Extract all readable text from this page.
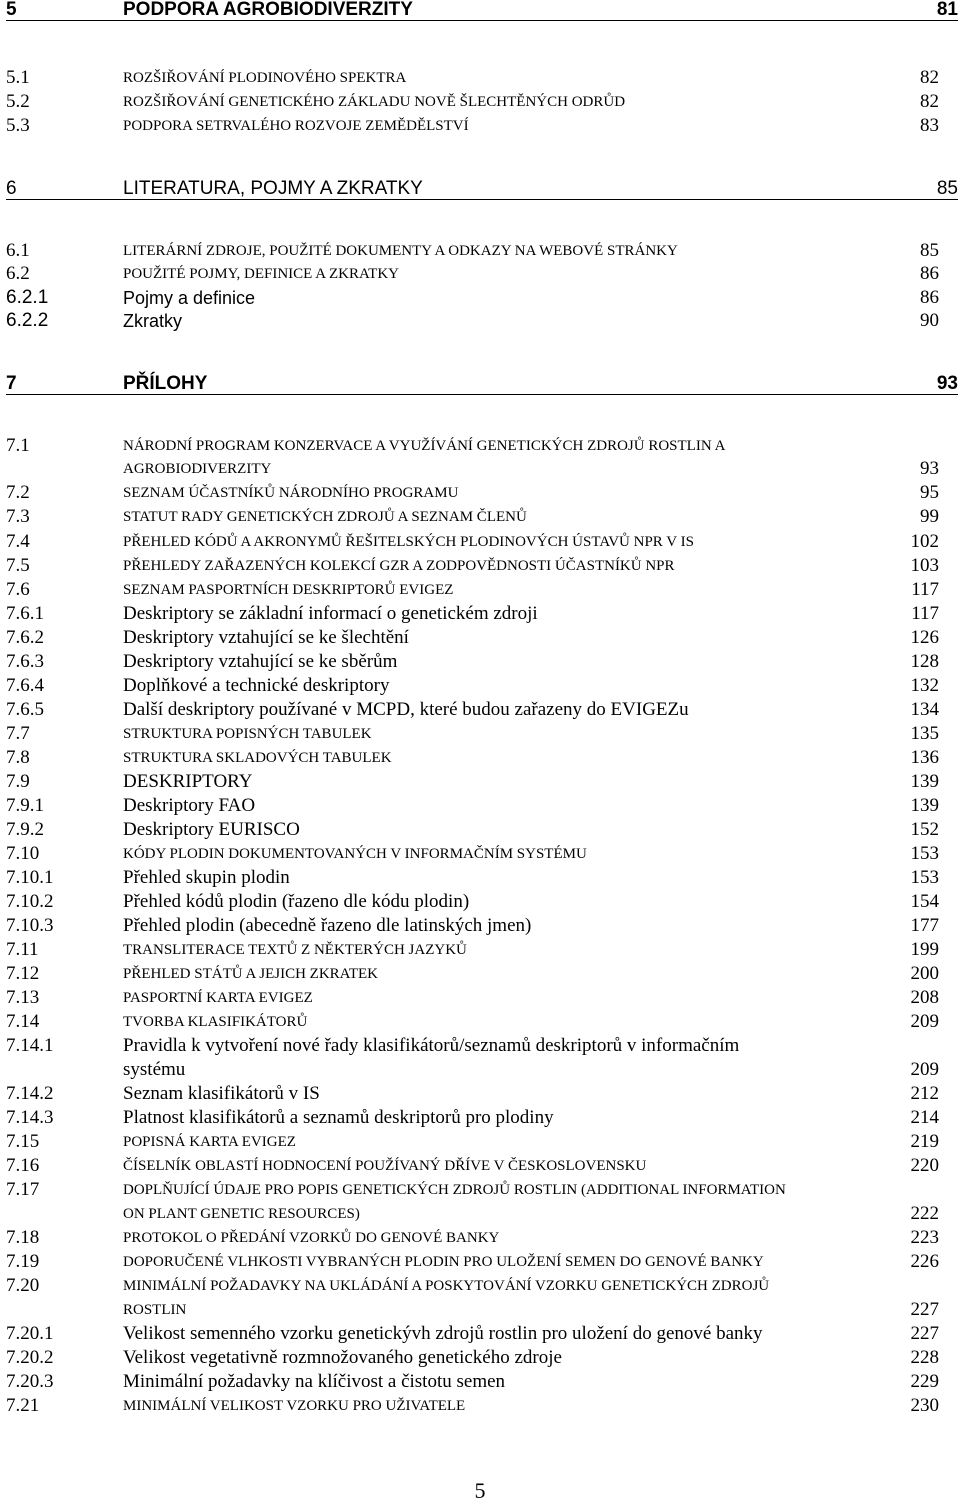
5	PODPORA AGROBIODIVERZITY	81
5.1	ROZŠIŘOVÁNÍ PLODINOVÉHO SPEKTRA	82
5.2	ROZŠIŘOVÁNÍ GENETICKÉHO ZÁKLADU NOVĚ ŠLECHTĚNÝCH ODRŮD	82
5.3	PODPORA SETRVALÉHO ROZVOJE ZEMĚDĚLSTVÍ	83
6	LITERATURA, POJMY A ZKRATKY	85
6.1	LITERÁRNÍ ZDROJE, POUŽITÉ DOKUMENTY A ODKAZY NA WEBOVÉ STRÁNKY	85
6.2	POUŽITÉ POJMY, DEFINICE A ZKRATKY	86
6.2.1	Pojmy a definice	86
6.2.2	Zkratky	90
7	PŘÍLOHY	93
7.1	NÁRODNÍ PROGRAM KONZERVACE A VYUŽÍVÁNÍ GENETICKÝCH ZDROJŮ ROSTLIN A
AGROBIODIVERZITY	93
7.2	SEZNAM ÚČASTNÍKŮ NÁRODNÍHO PROGRAMU	95
7.3	STATUT RADY GENETICKÝCH ZDROJŮ A SEZNAM ČLENŮ	99
7.4	PŘEHLED KÓDŮ A AKRONYMŮ ŘEŠITELSKÝCH PLODINOVÝCH ÚSTAVŮ NPR V IS	102
7.5	PŘEHLEDY ZAŘAZENÝCH KOLEKCÍ GZR A ZODPOVĚDNOSTI ÚČASTNÍKŮ NPR	103
7.6	SEZNAM PASPORTNÍCH DESKRIPTORŮ EVIGEZ	117
7.6.1	Deskriptory se základní informací o genetickém zdroji	117
7.6.2	Deskriptory vztahující se ke šlechtění	126
7.6.3	Deskriptory vztahující se ke sběrům	128
7.6.4	Doplňkové a technické deskriptory	132
7.6.5	Další deskriptory používané v MCPD, které budou zařazeny do EVIGEZu	134
7.7	STRUKTURA POPISNÝCH TABULEK	135
7.8	STRUKTURA SKLADOVÝCH TABULEK	136
7.9	DESKRIPTORY	139
7.9.1	Deskriptory FAO	139
7.9.2	Deskriptory EURISCO	152
7.10	KÓDY PLODIN DOKUMENTOVANÝCH V INFORMAČNÍM SYSTÉMU	153
7.10.1	Přehled skupin plodin	153
7.10.2	Přehled kódů plodin (řazeno dle kódu plodin)	154
7.10.3	Přehled plodin (abecedně řazeno dle latinských jmen)	177
7.11	TRANSLITERACE TEXTŮ Z NĚKTERÝCH JAZYKŮ	199
7.12	PŘEHLED STÁTŮ A JEJICH ZKRATEK	200
7.13	PASPORTNÍ KARTA EVIGEZ	208
7.14	TVORBA KLASIFIKÁTORŮ	209
7.14.1	Pravidla k vytvoření nové řady klasifikátorů/seznamů deskriptorů v informačním
systému	209
7.14.2	Seznam klasifikátorů v IS	212
7.14.3	Platnost klasifikátorů a seznamů deskriptorů pro plodiny	214
7.15	POPISNÁ KARTA EVIGEZ	219
7.16	ČÍSELNÍK OBLASTÍ HODNOCENÍ POUŽÍVANÝ DŘÍVE V ČESKOSLOVENSKU	220
7.17	DOPLŇUJÍCÍ ÚDAJE PRO POPIS GENETICKÝCH ZDROJŮ ROSTLIN (ADDITIONAL INFORMATION
ON PLANT GENETIC RESOURCES)	222
7.18	PROTOKOL O PŘEDÁNÍ VZORKŮ DO GENOVÉ BANKY	223
7.19	DOPORUČENÉ VLHKOSTI VYBRANÝCH PLODIN PRO ULOŽENÍ SEMEN DO GENOVÉ BANKY	226
7.20	MINIMÁLNÍ POŽADAVKY NA UKLÁDÁNÍ A POSKYTOVÁNÍ VZORKU GENETICKÝCH ZDROJŮ
ROSTLIN	227
7.20.1	Velikost semenného vzorku genetickývh zdrojů rostlin pro uložení do genové banky	227
7.20.2	Velikost vegetativně rozmnožovaného genetického zdroje	228
7.20.3	Minimální požadavky na klíčivost a čistotu semen	229
7.21	MINIMÁLNÍ VELIKOST VZORKU PRO UŽIVATELE	230
5
